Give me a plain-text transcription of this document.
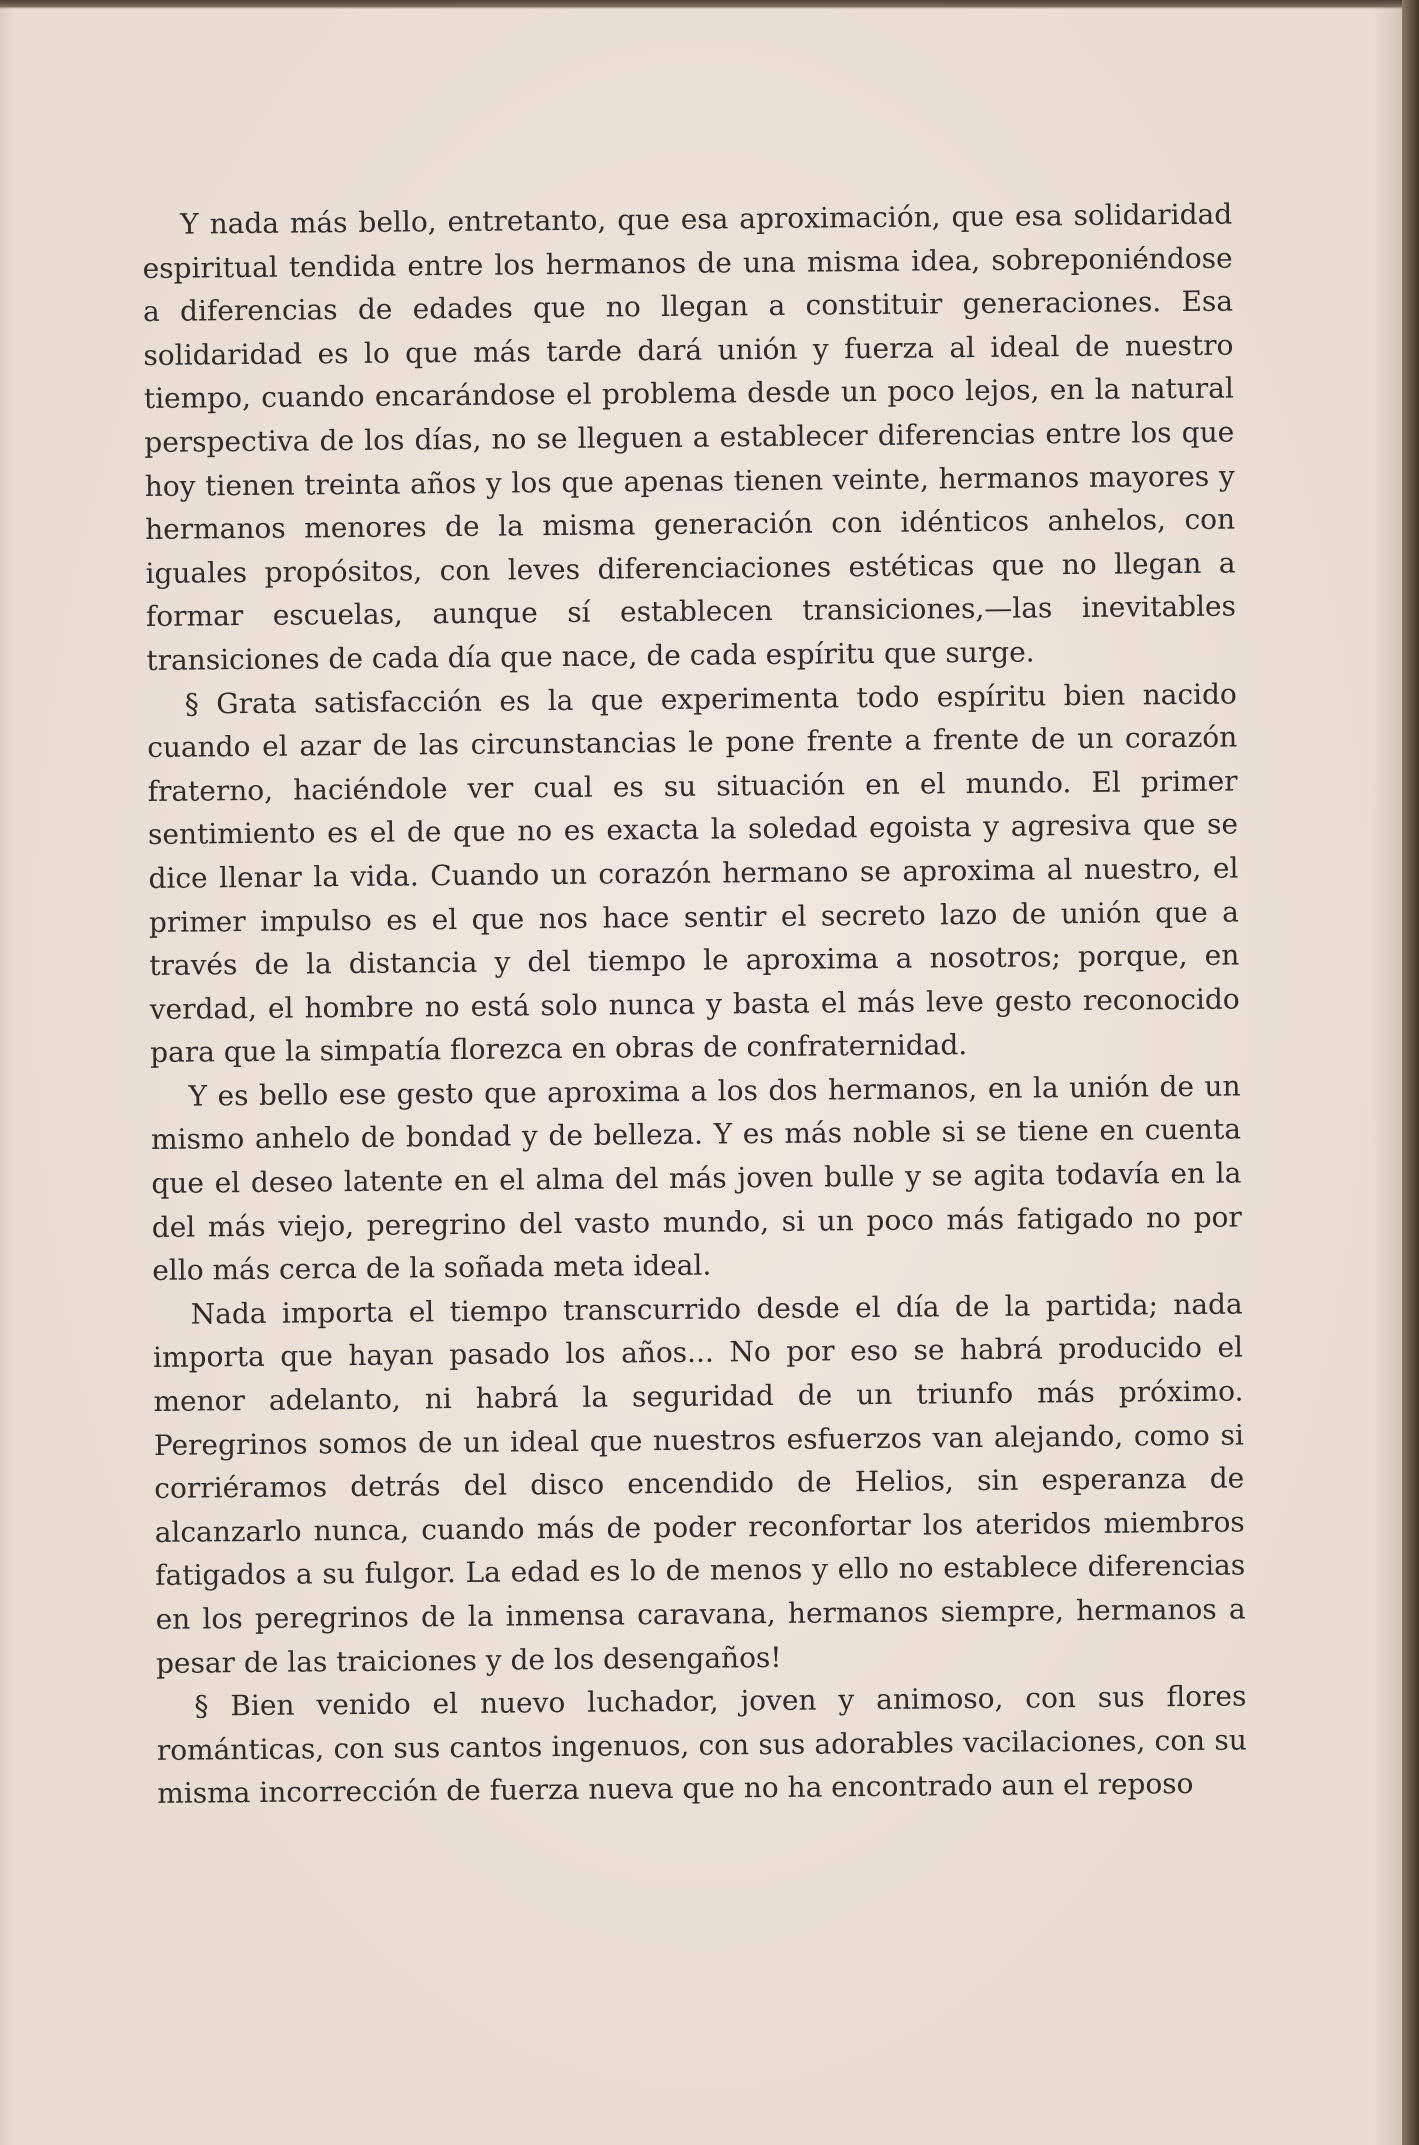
Y nada más bello, entretanto, que esa aproximación, que esa solidaridad espiritual tendida entre los hermanos de una misma idea, sobreponiéndose a diferencias de edades que no llegan a constituir generaciones. Esa solidaridad es lo que más tarde dará unión y fuerza al ideal de nuestro tiempo, cuando encarándose el problema desde un poco lejos, en la natural perspectiva de los días, no se lleguen a establecer diferencias entre los que hoy tienen treinta años y los que apenas tienen veinte, hermanos mayores y hermanos menores de la misma generación con idénticos anhelos, con iguales propósitos, con leves diferenciaciones estéticas que no llegan a formar escuelas, aunque sí establecen transiciones,—las inevitables transiciones de cada día que nace, de cada espíritu que surge.

§ Grata satisfacción es la que experimenta todo espíritu bien nacido cuando el azar de las circunstancias le pone frente a frente de un corazón fraterno, haciéndole ver cual es su situación en el mundo. El primer sentimiento es el de que no es exacta la soledad egoista y agresiva que se dice llenar la vida. Cuando un corazón hermano se aproxima al nuestro, el primer impulso es el que nos hace sentir el secreto lazo de unión que a través de la distancia y del tiempo le aproxima a nosotros; porque, en verdad, el hombre no está solo nunca y basta el más leve gesto reconocido para que la simpatía florezca en obras de confraternidad.

Y es bello ese gesto que aproxima a los dos hermanos, en la unión de un mismo anhelo de bondad y de belleza. Y es más noble si se tiene en cuenta que el deseo latente en el alma del más joven bulle y se agita todavía en la del más viejo, peregrino del vasto mundo, si un poco más fatigado no por ello más cerca de la soñada meta ideal.

Nada importa el tiempo transcurrido desde el día de la partida; nada importa que hayan pasado los años... No por eso se habrá producido el menor adelanto, ni habrá la seguridad de un triunfo más próximo. Peregrinos somos de un ideal que nuestros esfuerzos van alejando, como si corriéramos detrás del disco encendido de Helios, sin esperanza de alcanzarlo nunca, cuando más de poder reconfortar los ateridos miembros fatigados a su fulgor. La edad es lo de menos y ello no establece diferencias en los peregrinos de la inmensa caravana, hermanos siempre, hermanos a pesar de las traiciones y de los desengaños!

§ Bien venido el nuevo luchador, joven y animoso, con sus flores románticas, con sus cantos ingenuos, con sus adorables vacilaciones, con su misma incorrección de fuerza nueva que no ha encontrado aun el reposo
